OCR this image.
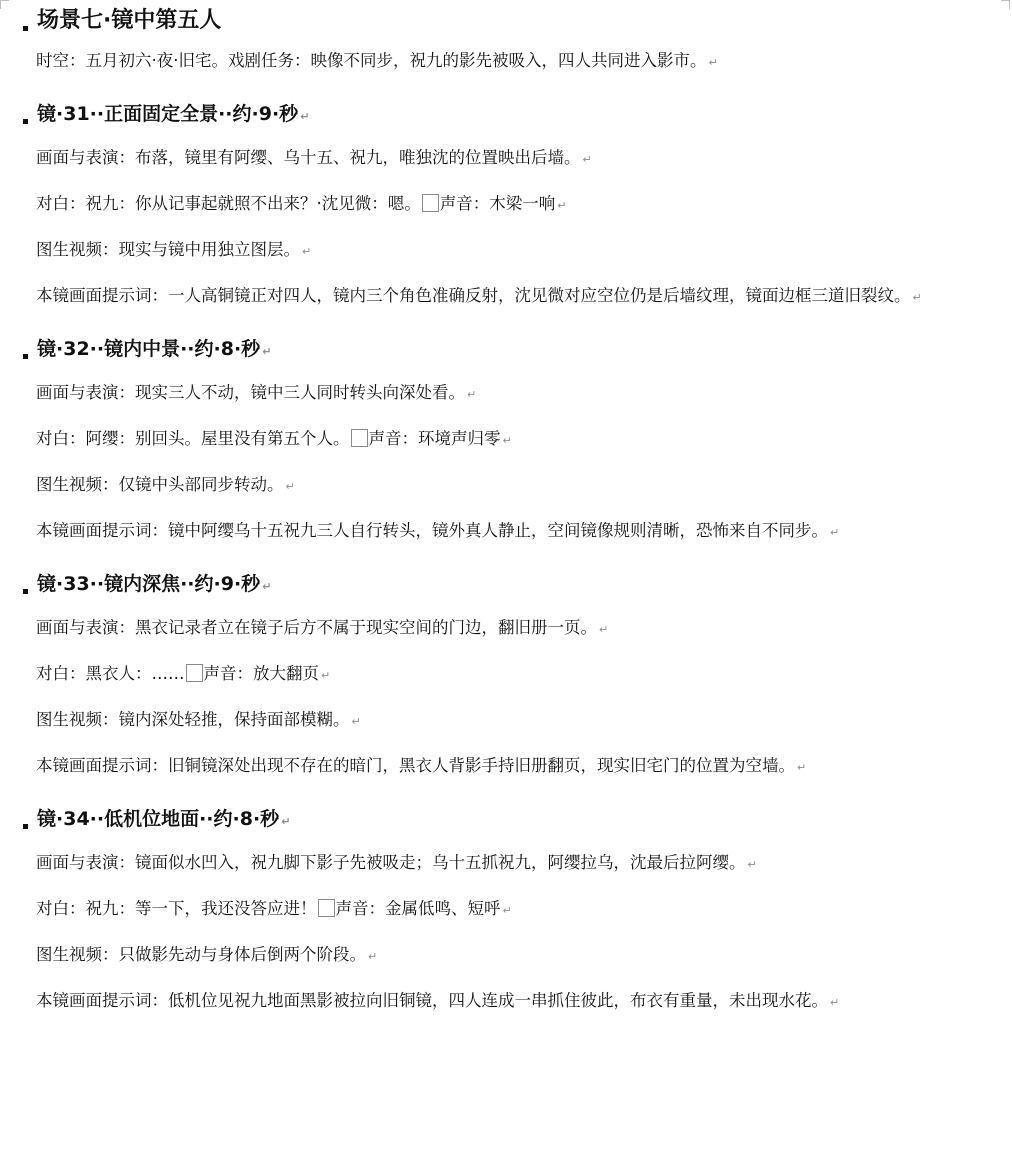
场景七·镜中第五人

时空：五月初六·夜·旧宅。戏剧任务：映像不同步，祝九的影先被吸入，四人共同进入影市。 ↵

镜·31··正面固定全景··约·9·秒 ↵

画面与表演：布落，镜里有阿缨、乌十五、祝九，唯独沈的位置映出后墙。 ↵

对白：祝九：你从记事起就照不出来？·沈见微：嗯。 声音：木梁一响 ↵

图生视频：现实与镜中用独立图层。 ↵

本镜画面提示词：一人高铜镜正对四人，镜内三个角色准确反射，沈见微对应空位仍是后墙纹理，镜面边框三道旧裂纹。 ↵

镜·32··镜内中景··约·8·秒 ↵

画面与表演：现实三人不动，镜中三人同时转头向深处看。 ↵

对白：阿缨：别回头。屋里没有第五个人。 声音：环境声归零 ↵

图生视频：仅镜中头部同步转动。 ↵

本镜画面提示词：镜中阿缨乌十五祝九三人自行转头，镜外真人静止，空间镜像规则清晰，恐怖来自不同步。 ↵

镜·33··镜内深焦··约·9·秒 ↵

画面与表演：黑衣记录者立在镜子后方不属于现实空间的门边，翻旧册一页。 ↵

对白：黑衣人：…… 声音：放大翻页 ↵

图生视频：镜内深处轻推，保持面部模糊。 ↵

本镜画面提示词：旧铜镜深处出现不存在的暗门，黑衣人背影手持旧册翻页，现实旧宅门的位置为空墙。 ↵

镜·34··低机位地面··约·8·秒 ↵

画面与表演：镜面似水凹入，祝九脚下影子先被吸走；乌十五抓祝九，阿缨拉乌，沈最后拉阿缨。 ↵

对白：祝九：等一下，我还没答应进！ 声音：金属低鸣、短呼 ↵

图生视频：只做影先动与身体后倒两个阶段。 ↵

本镜画面提示词：低机位见祝九地面黑影被拉向旧铜镜，四人连成一串抓住彼此，布衣有重量，未出现水花。 ↵
